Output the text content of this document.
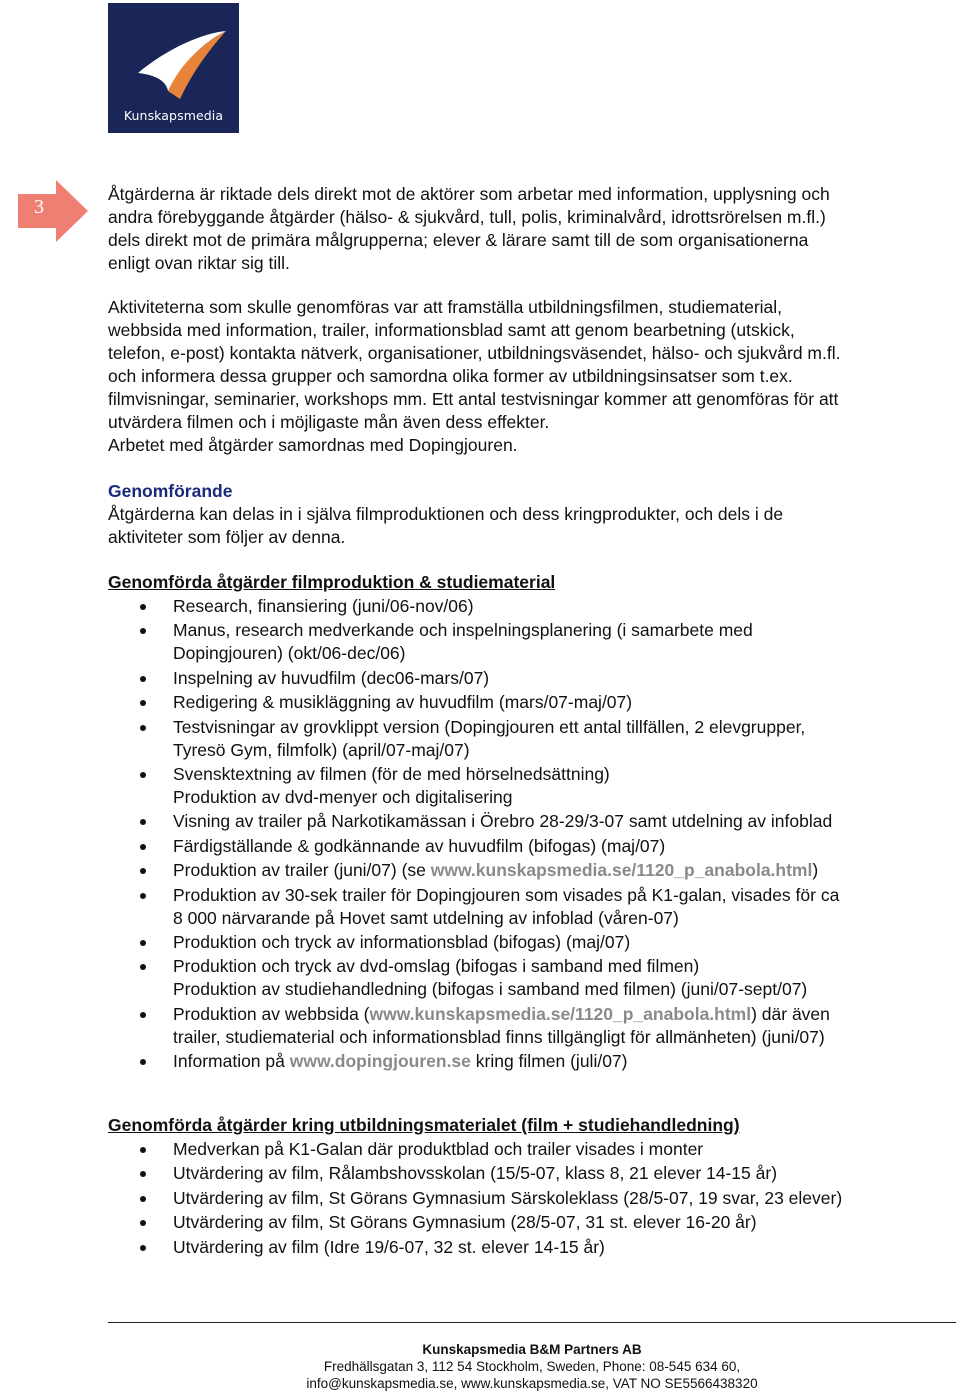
Kunskapsmedia
3

Åtgärderna är riktade dels direkt mot de aktörer som arbetar med information, upplysning och
andra förebyggande åtgärder (hälso- & sjukvård, tull, polis, kriminalvård, idrottsrörelsen m.fl.)
dels direkt mot de primära målgrupperna; elever & lärare samt till de som organisationerna
enligt ovan riktar sig till.

Aktiviteterna som skulle genomföras var att framställa utbildningsfilmen, studiematerial,
webbsida med information, trailer, informationsblad samt att genom bearbetning (utskick,
telefon, e-post) kontakta nätverk, organisationer, utbildningsväsendet, hälso- och sjukvård m.fl.
och informera dessa grupper och samordna olika former av utbildningsinsatser som t.ex.
filmvisningar, seminarier, workshops mm. Ett antal testvisningar kommer att genomföras för att
utvärdera filmen och i möjligaste mån även dess effekter.
Arbetet med åtgärder samordnas med Dopingjouren.

Genomförande

Åtgärderna kan delas in i själva filmproduktionen och dess kringprodukter, och dels i de
aktiviteter som följer av denna.

Genomförda åtgärder filmproduktion & studiematerial
Research, finansiering (juni/06-nov/06)
Manus, research medverkande och inspelningsplanering (i samarbete med
Dopingjouren) (okt/06-dec/06)
Inspelning av huvudfilm (dec06-mars/07)
Redigering & musikläggning av huvudfilm (mars/07-maj/07)
Testvisningar av grovklippt version (Dopingjouren ett antal tillfällen, 2 elevgrupper,
Tyresö Gym, filmfolk) (april/07-maj/07)
Svensktextning av filmen (för de med hörselnedsättning)
Produktion av dvd-menyer och digitalisering
Visning av trailer på Narkotikamässan i Örebro 28-29/3-07 samt utdelning av infoblad
Färdigställande & godkännande av huvudfilm (bifogas) (maj/07)
Produktion av trailer (juni/07) (se www.kunskapsmedia.se/1120_p_anabola.html)
Produktion av 30-sek trailer för Dopingjouren som visades på K1-galan, visades för ca
8 000 närvarande på Hovet samt utdelning av infoblad (våren-07)
Produktion och tryck av informationsblad (bifogas) (maj/07)
Produktion och tryck av dvd-omslag (bifogas i samband med filmen)
Produktion av studiehandledning (bifogas i samband med filmen) (juni/07-sept/07)
Produktion av webbsida (www.kunskapsmedia.se/1120_p_anabola.html) där även
trailer, studiematerial och informationsblad finns tillgängligt för allmänheten) (juni/07)
Information på www.dopingjouren.se kring filmen (juli/07)
Genomförda åtgärder kring utbildningsmaterialet (film + studiehandledning)
Medverkan på K1-Galan där produktblad och trailer visades i monter
Utvärdering av film, Rålambshovsskolan (15/5-07, klass 8, 21 elever 14-15 år)
Utvärdering av film, St Görans Gymnasium Särskoleklass (28/5-07, 19 svar, 23 elever)
Utvärdering av film, St Görans Gymnasium (28/5-07, 31 st. elever 16-20 år)
Utvärdering av film (Idre 19/6-07, 32 st. elever 14-15 år)
Kunskapsmedia B&M Partners AB
Fredhällsgatan 3, 112 54 Stockholm, Sweden, Phone: 08-545 634 60,
info@kunskapsmedia.se, www.kunskapsmedia.se, VAT NO SE5566438320
